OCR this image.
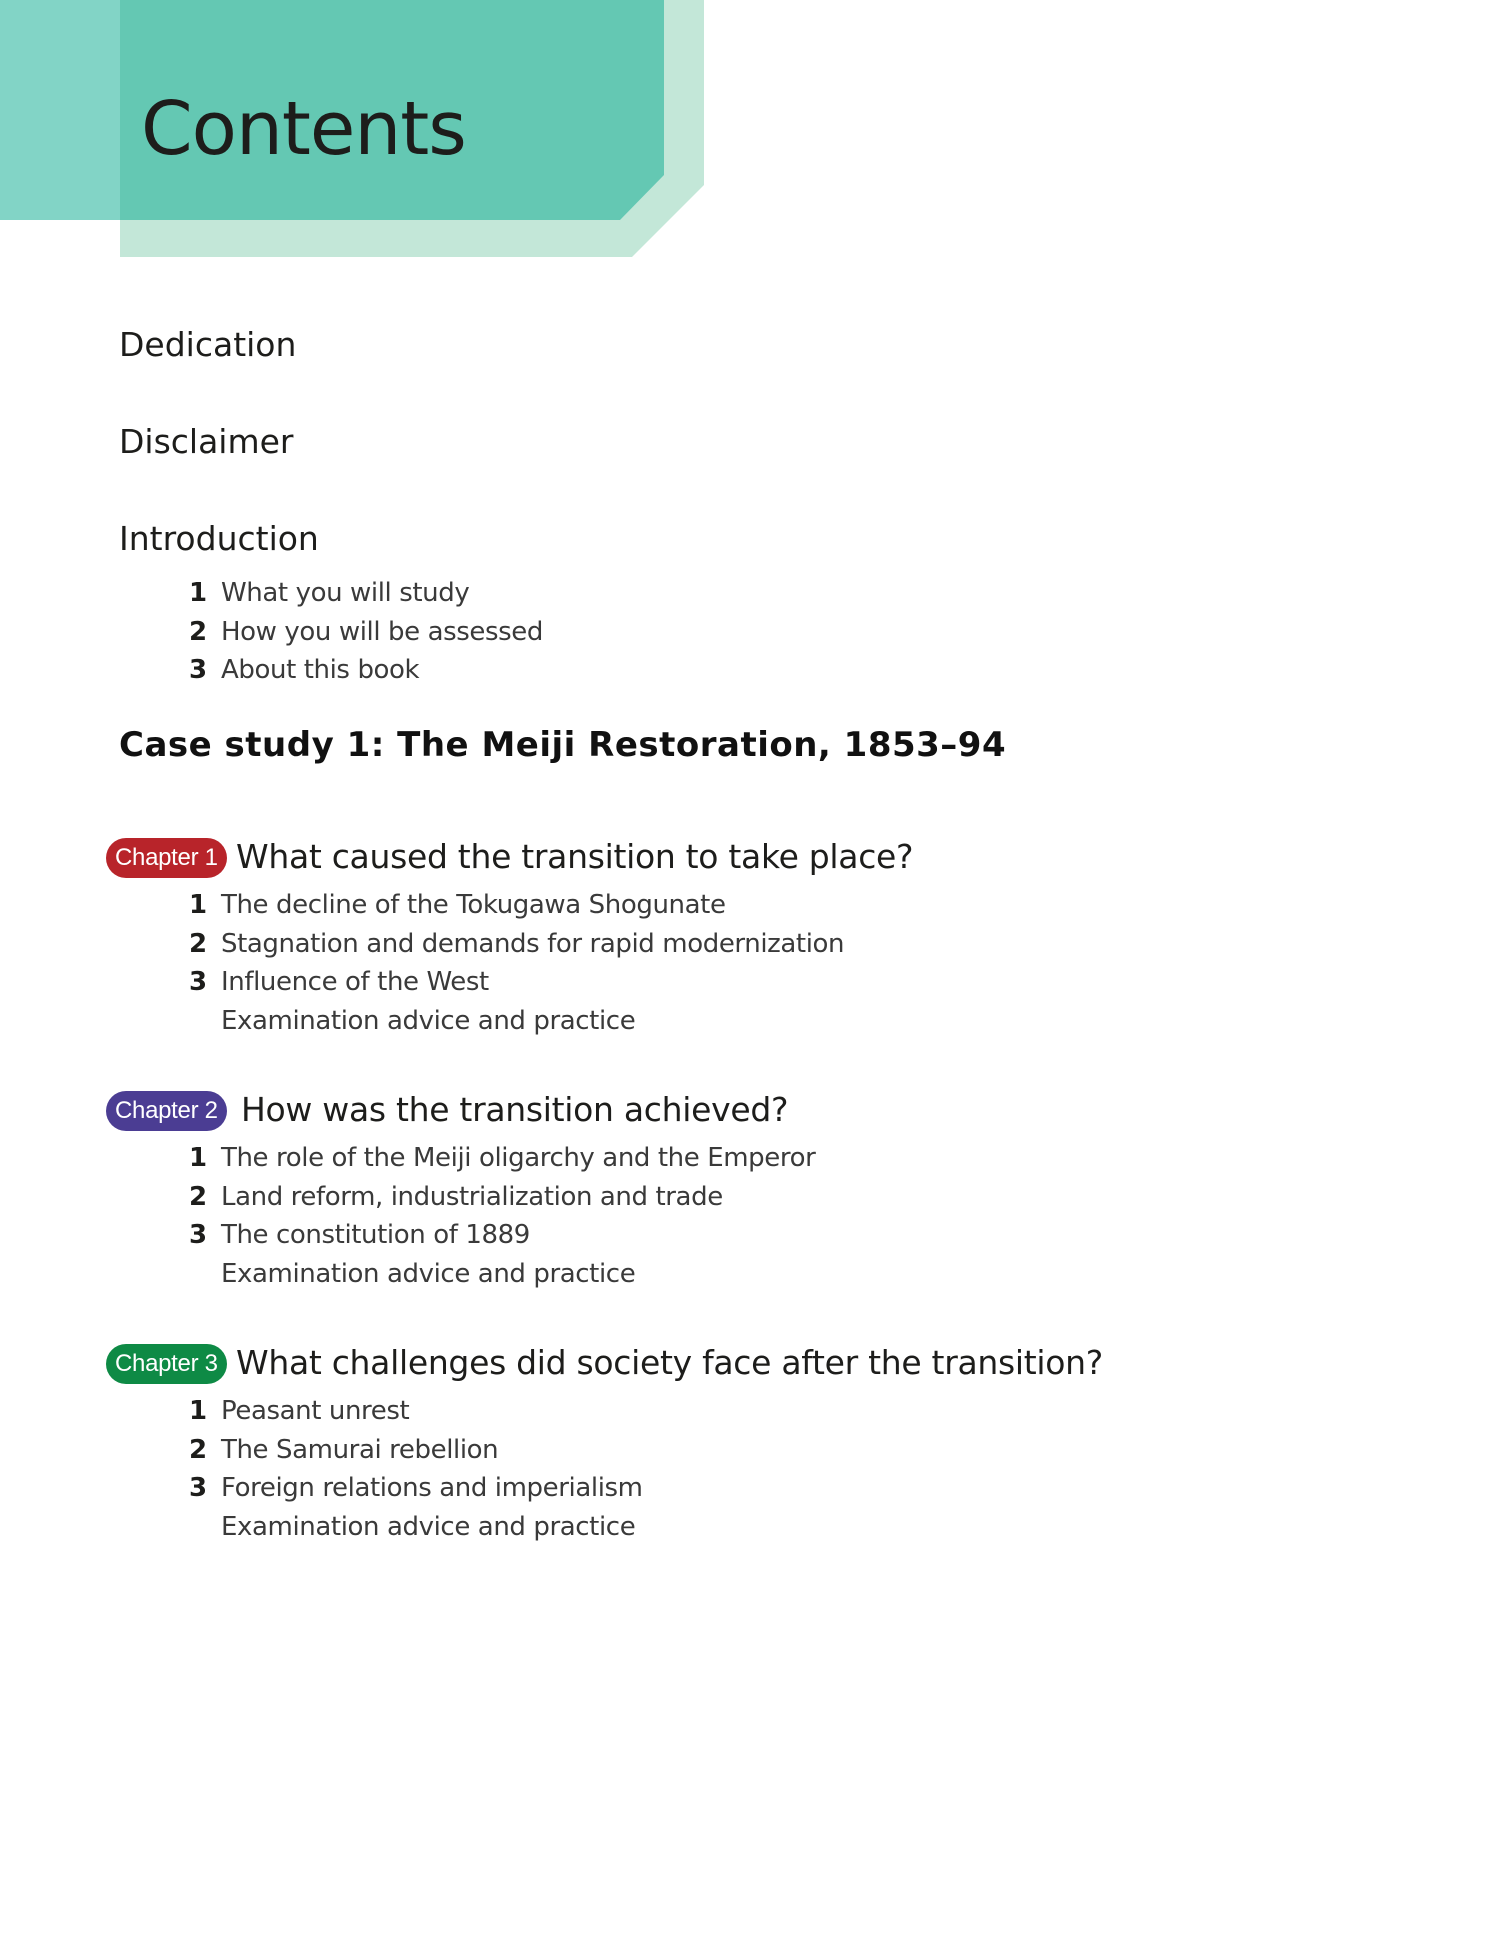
Contents
Dedication
Disclaimer
Introduction
1 What you will study
2 How you will be assessed
3 About this book
Case study 1: The Meiji Restoration, 1853–94
Chapter 1 What caused the transition to take place?
1 The decline of the Tokugawa Shogunate
2 Stagnation and demands for rapid modernization
3 Influence of the West
Examination advice and practice
Chapter 2 How was the transition achieved?
1 The role of the Meiji oligarchy and the Emperor
2 Land reform, industrialization and trade
3 The constitution of 1889
Examination advice and practice
Chapter 3 What challenges did society face after the transition?
1 Peasant unrest
2 The Samurai rebellion
3 Foreign relations and imperialism
Examination advice and practice
